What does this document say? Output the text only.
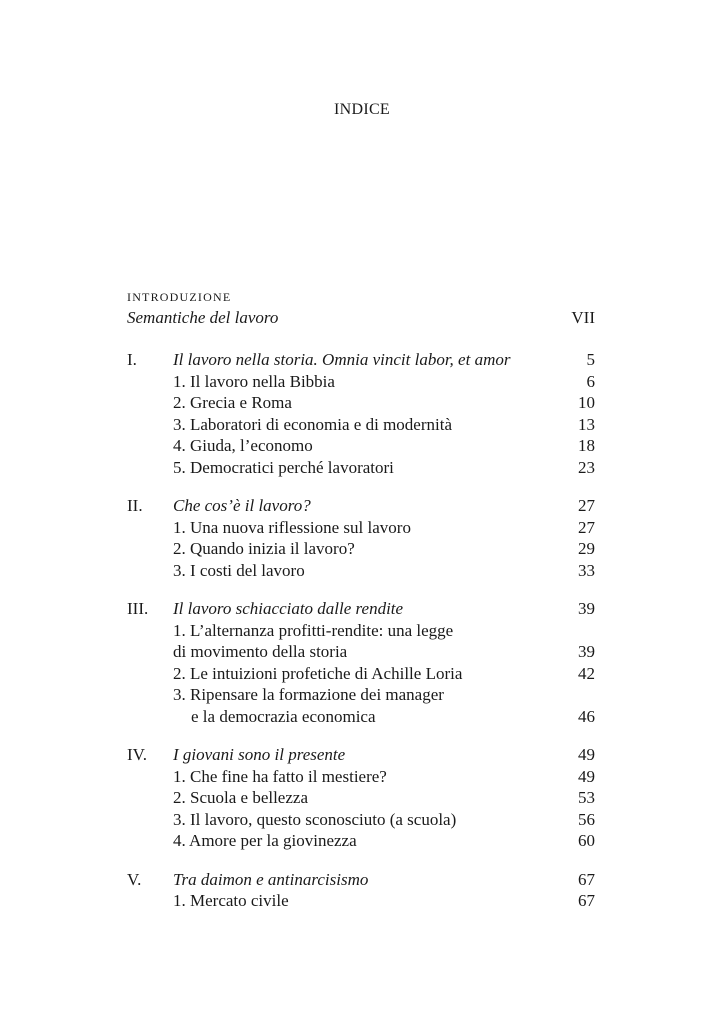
INDICE
INTRODUZIONE
Semantiche del lavoro	VII
I. Il lavoro nella storia. Omnia vincit labor, et amor	5
1. Il lavoro nella Bibbia	6
2. Grecia e Roma	10
3. Laboratori di economia e di modernità	13
4. Giuda, l’economo	18
5. Democratici perché lavoratori	23
II. Che cos’è il lavoro?	27
1. Una nuova riflessione sul lavoro	27
2. Quando inizia il lavoro?	29
3. I costi del lavoro	33
III. Il lavoro schiacciato dalle rendite	39
1. L’alternanza profitti-rendite: una legge
di movimento della storia	39
2. Le intuizioni profetiche di Achille Loria	42
3. Ripensare la formazione dei manager
e la democrazia economica	46
IV. I giovani sono il presente	49
1. Che fine ha fatto il mestiere?	49
2. Scuola e bellezza	53
3. Il lavoro, questo sconosciuto (a scuola)	56
4. Amore per la giovinezza	60
V. Tra daimon e antinarcisismo	67
1. Mercato civile	67
